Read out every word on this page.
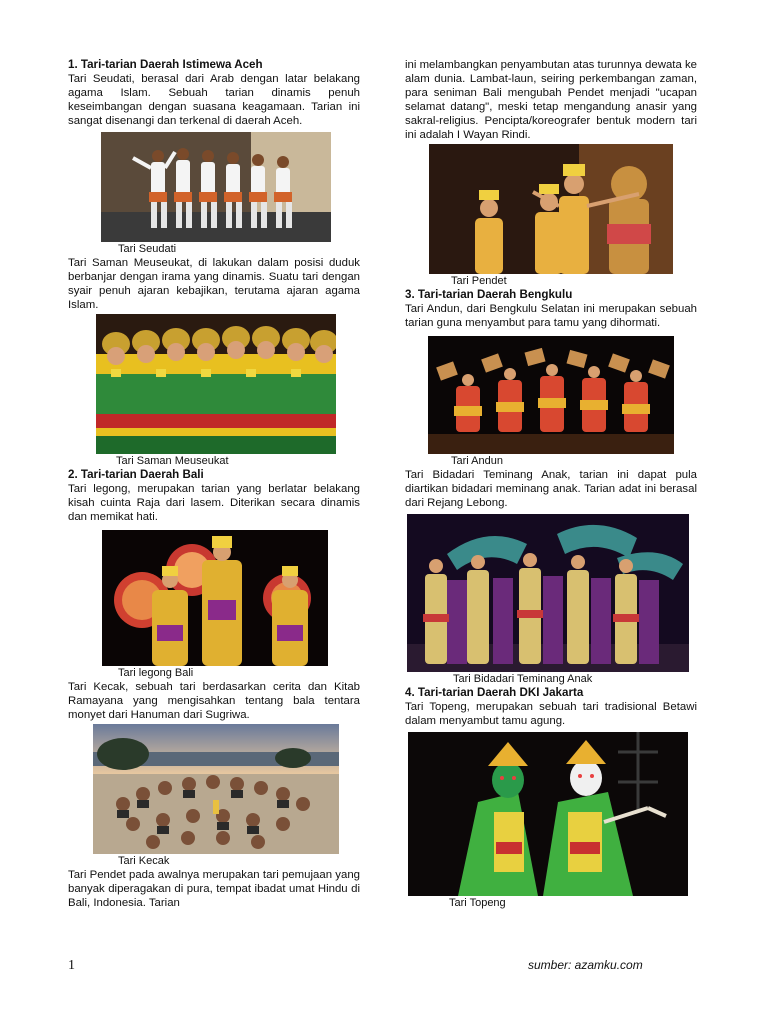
1. Tari-tarian Daerah Istimewa Aceh

Tari Seudati, berasal dari Arab dengan latar belakang agama Islam. Sebuah tarian dinamis penuh keseimbangan dengan suasana keagamaan. Tarian ini sangat disenangi dan terkenal di daerah Aceh.

Tari Seudati

Tari Saman Meuseukat, di lakukan dalam posisi duduk berbanjar dengan irama yang dinamis. Suatu tari dengan syair penuh ajaran kebajikan, terutama ajaran agama Islam.

Tari Saman Meuseukat

2. Tari-tarian Daerah Bali

Tari legong, merupakan tarian yang berlatar belakang kisah cuinta Raja dari lasem. Diterikan secara dinamis dan memikat hati.

Tari legong Bali

Tari Kecak, sebuah tari berdasarkan cerita dan Kitab Ramayana yang mengisahkan tentang bala tentara monyet dari Hanuman dari Sugriwa.

Tari Kecak

Tari Pendet pada awalnya merupakan tari pemujaan yang banyak diperagakan di pura, tempat ibadat umat Hindu di Bali, Indonesia. Tarian

ini melambangkan penyambutan atas turunnya dewata ke alam dunia. Lambat-laun, seiring perkembangan zaman, para seniman Bali mengubah Pendet menjadi "ucapan selamat datang", meski tetap mengandung anasir yang sakral-religius. Pencipta/koreografer bentuk modern tari ini adalah I Wayan Rindi.

Tari Pendet

3. Tari-tarian Daerah Bengkulu

Tari Andun, dari Bengkulu Selatan ini merupakan sebuah tarian guna menyambut para tamu yang dihormati.

Tari Andun

Tari Bidadari Teminang Anak, tarian ini dapat pula diartikan bidadari meminang anak. Tarian adat ini berasal dari Rejang Lebong.

Tari Bidadari Teminang Anak

4. Tari-tarian Daerah DKI Jakarta

Tari Topeng, merupakan sebuah tari tradisional Betawi dalam menyambut tamu agung.

Tari Topeng

1	sumber: azamku.com
